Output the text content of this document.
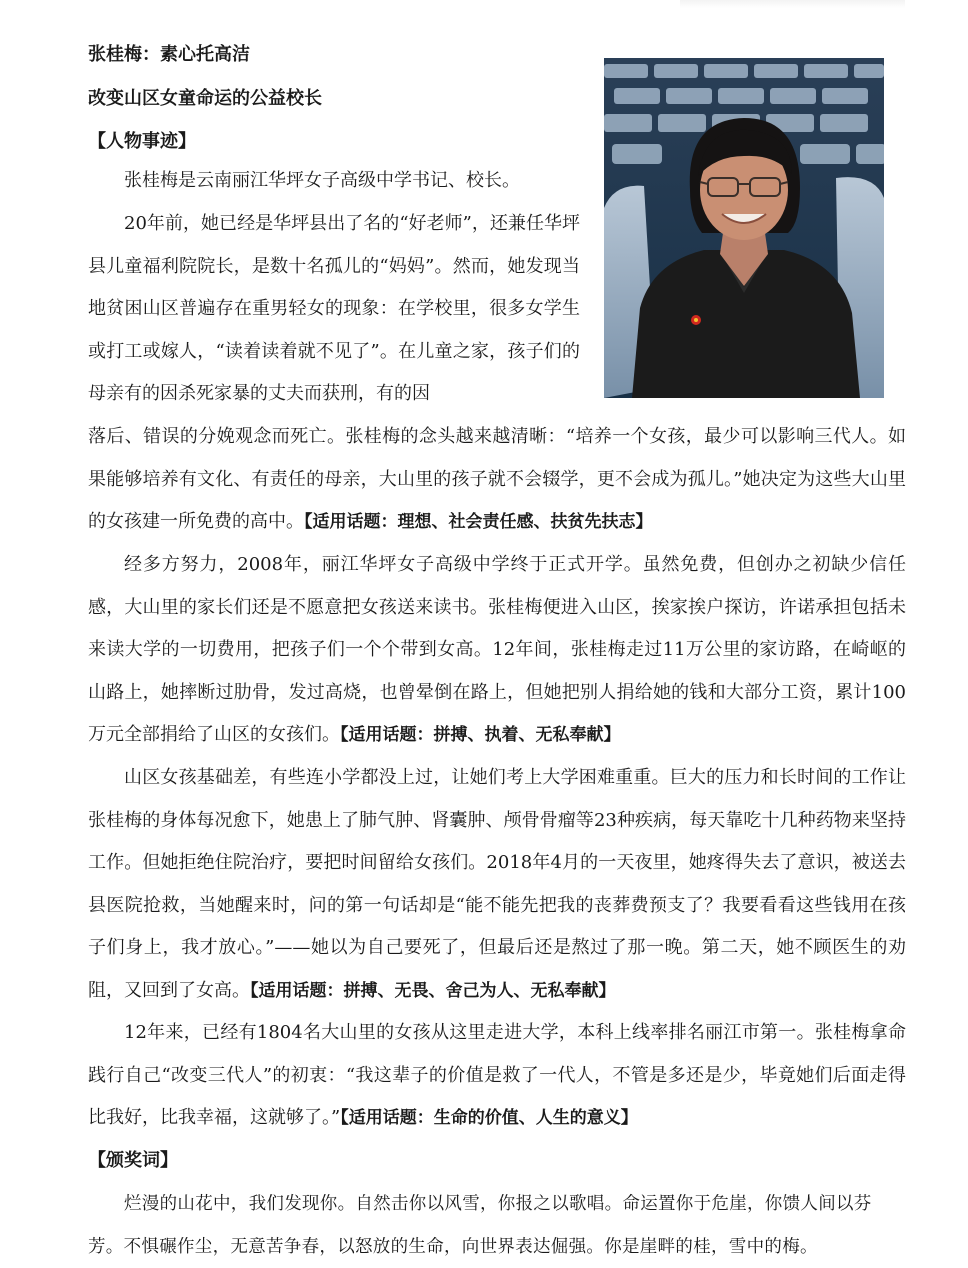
张桂梅：素心托高洁
改变山区女童命运的公益校长
【人物事迹】
张桂梅是云南丽江华坪女子高级中学书记、校长。
20年前，她已经是华坪县出了名的“好老师”，还兼任华坪县儿童福利院院长，是数十名孤儿的“妈妈”。然而，她发现当地贫困山区普遍存在重男轻女的现象：在学校里，很多女学生或打工或嫁人，“读着读着就不见了”。在儿童之家，孩子们的母亲有的因杀死家暴的丈夫而获刑，有的因
落后、错误的分娩观念而死亡。张桂梅的念头越来越清晰：“培养一个女孩，最少可以影响三代人。如果能够培养有文化、有责任的母亲，大山里的孩子就不会辍学，更不会成为孤儿。”她决定为这些大山里的女孩建一所免费的高中。【适用话题：理想、社会责任感、扶贫先扶志】
经多方努力，2008年，丽江华坪女子高级中学终于正式开学。虽然免费，但创办之初缺少信任感，大山里的家长们还是不愿意把女孩送来读书。张桂梅便进入山区，挨家挨户探访，许诺承担包括未来读大学的一切费用，把孩子们一个个带到女高。12年间，张桂梅走过11万公里的家访路，在崎岖的山路上，她摔断过肋骨，发过高烧，也曾晕倒在路上，但她把别人捐给她的钱和大部分工资，累计100万元全部捐给了山区的女孩们。【适用话题：拼搏、执着、无私奉献】
山区女孩基础差，有些连小学都没上过，让她们考上大学困难重重。巨大的压力和长时间的工作让张桂梅的身体每况愈下，她患上了肺气肿、肾囊肿、颅骨骨瘤等23种疾病，每天靠吃十几种药物来坚持工作。但她拒绝住院治疗，要把时间留给女孩们。2018年4月的一天夜里，她疼得失去了意识，被送去县医院抢救，当她醒来时，问的第一句话却是“能不能先把我的丧葬费预支了？我要看看这些钱用在孩子们身上，我才放心。”——她以为自己要死了，但最后还是熬过了那一晚。第二天，她不顾医生的劝阻，又回到了女高。【适用话题：拼搏、无畏、舍己为人、无私奉献】
12年来，已经有1804名大山里的女孩从这里走进大学，本科上线率排名丽江市第一。张桂梅拿命践行自己“改变三代人”的初衷：“我这辈子的价值是救了一代人，不管是多还是少，毕竟她们后面走得比我好，比我幸福，这就够了。”【适用话题：生命的价值、人生的意义】
【颁奖词】
烂漫的山花中，我们发现你。自然击你以风雪，你报之以歌唱。命运置你于危崖，你馈人间以芬芳。不惧碾作尘，无意苦争春，以怒放的生命，向世界表达倔强。你是崖畔的桂，雪中的梅。
